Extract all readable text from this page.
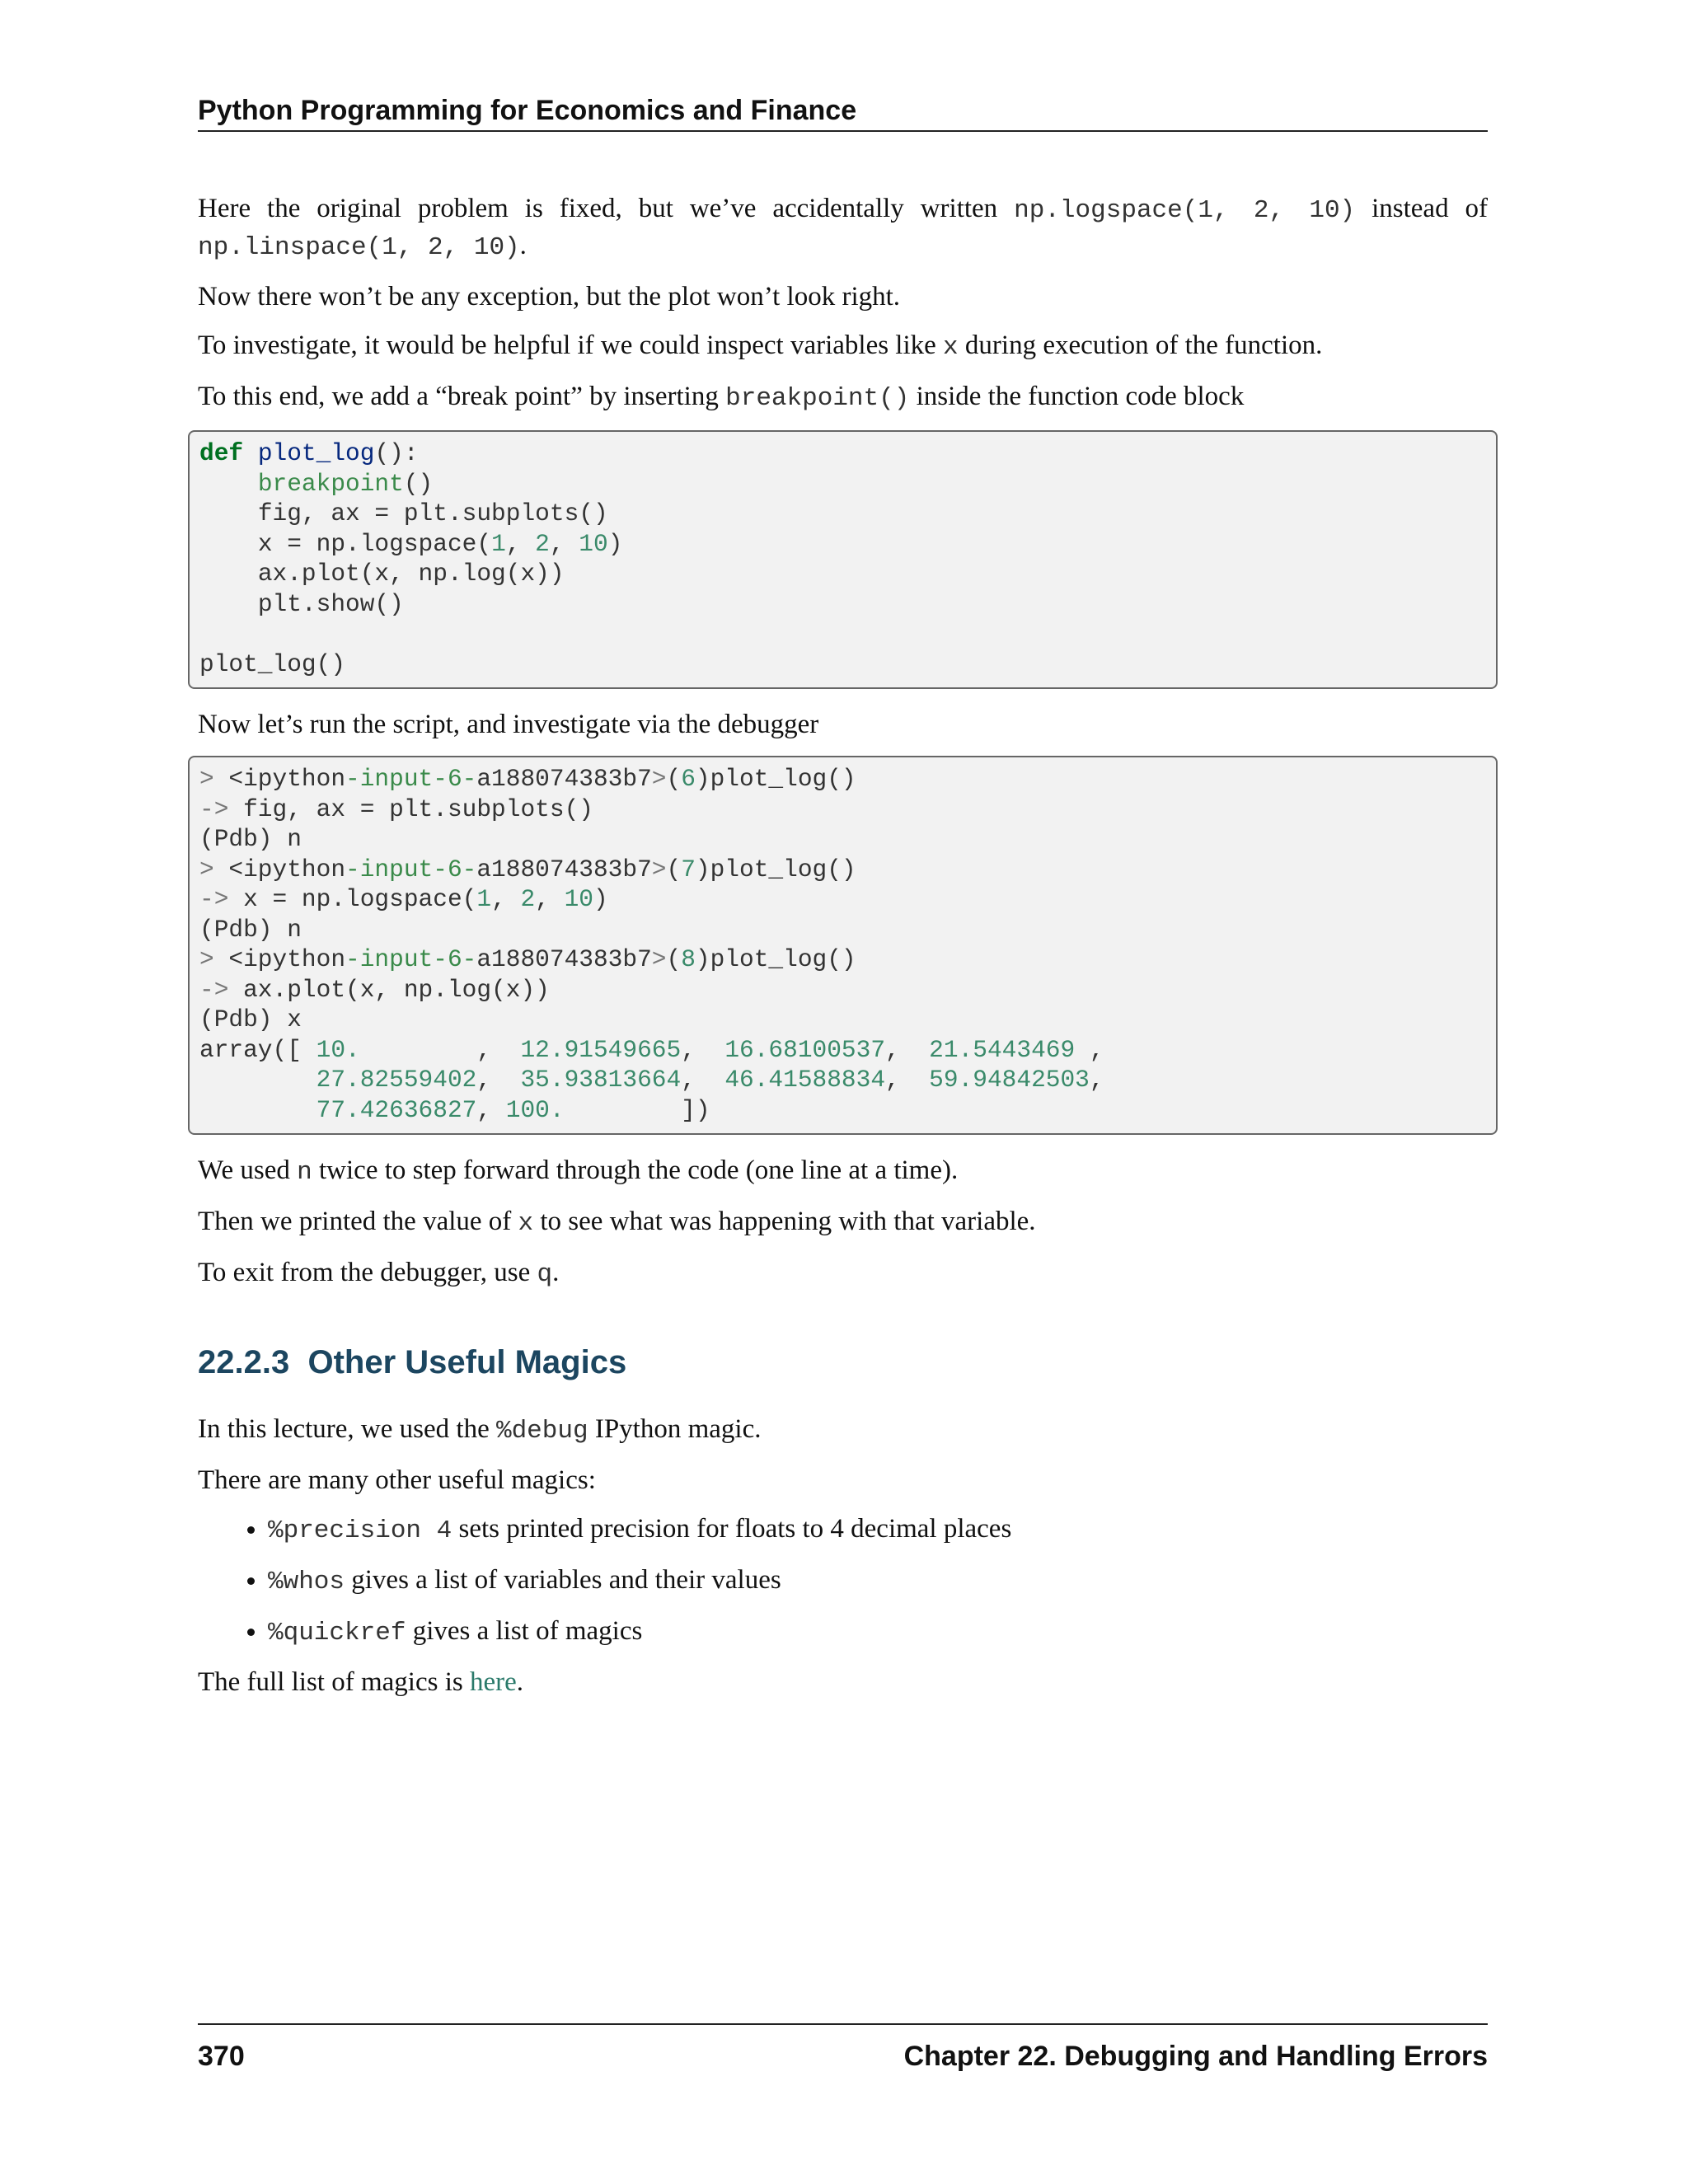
Python Programming for Economics and Finance

Here the original problem is fixed, but we’ve accidentally written np.logspace(1, 2, 10) instead of np.linspace(1, 2, 10).

Now there won’t be any exception, but the plot won’t look right.

To investigate, it would be helpful if we could inspect variables like x during execution of the function.

To this end, we add a “break point” by inserting breakpoint() inside the function code block

def plot_log():
breakpoint()
fig, ax = plt.subplots()
x = np.logspace(1, 2, 10)
ax.plot(x, np.log(x))
plt.show()

plot_log()

Now let’s run the script, and investigate via the debugger

> <ipython-input-6-a188074383b7>(6)plot_log()
-> fig, ax = plt.subplots()
(Pdb) n
> <ipython-input-6-a188074383b7>(7)plot_log()
-> x = np.logspace(1, 2, 10)
(Pdb) n
> <ipython-input-6-a188074383b7>(8)plot_log()
-> ax.plot(x, np.log(x))
(Pdb) x
array([ 10.        ,  12.91549665,  16.68100537,  21.5443469 ,
27.82559402,  35.93813664,  46.41588834,  59.94842503,
77.42636827, 100.	])

We used n twice to step forward through the code (one line at a time).

Then we printed the value of x to see what was happening with that variable.

To exit from the debugger, use q.

22.2.3 Other Useful Magics

In this lecture, we used the %debug IPython magic.

There are many other useful magics:

• %precision 4 sets printed precision for floats to 4 decimal places
• %whos gives a list of variables and their values
• %quickref gives a list of magics

The full list of magics is here.

370	Chapter 22. Debugging and Handling Errors
